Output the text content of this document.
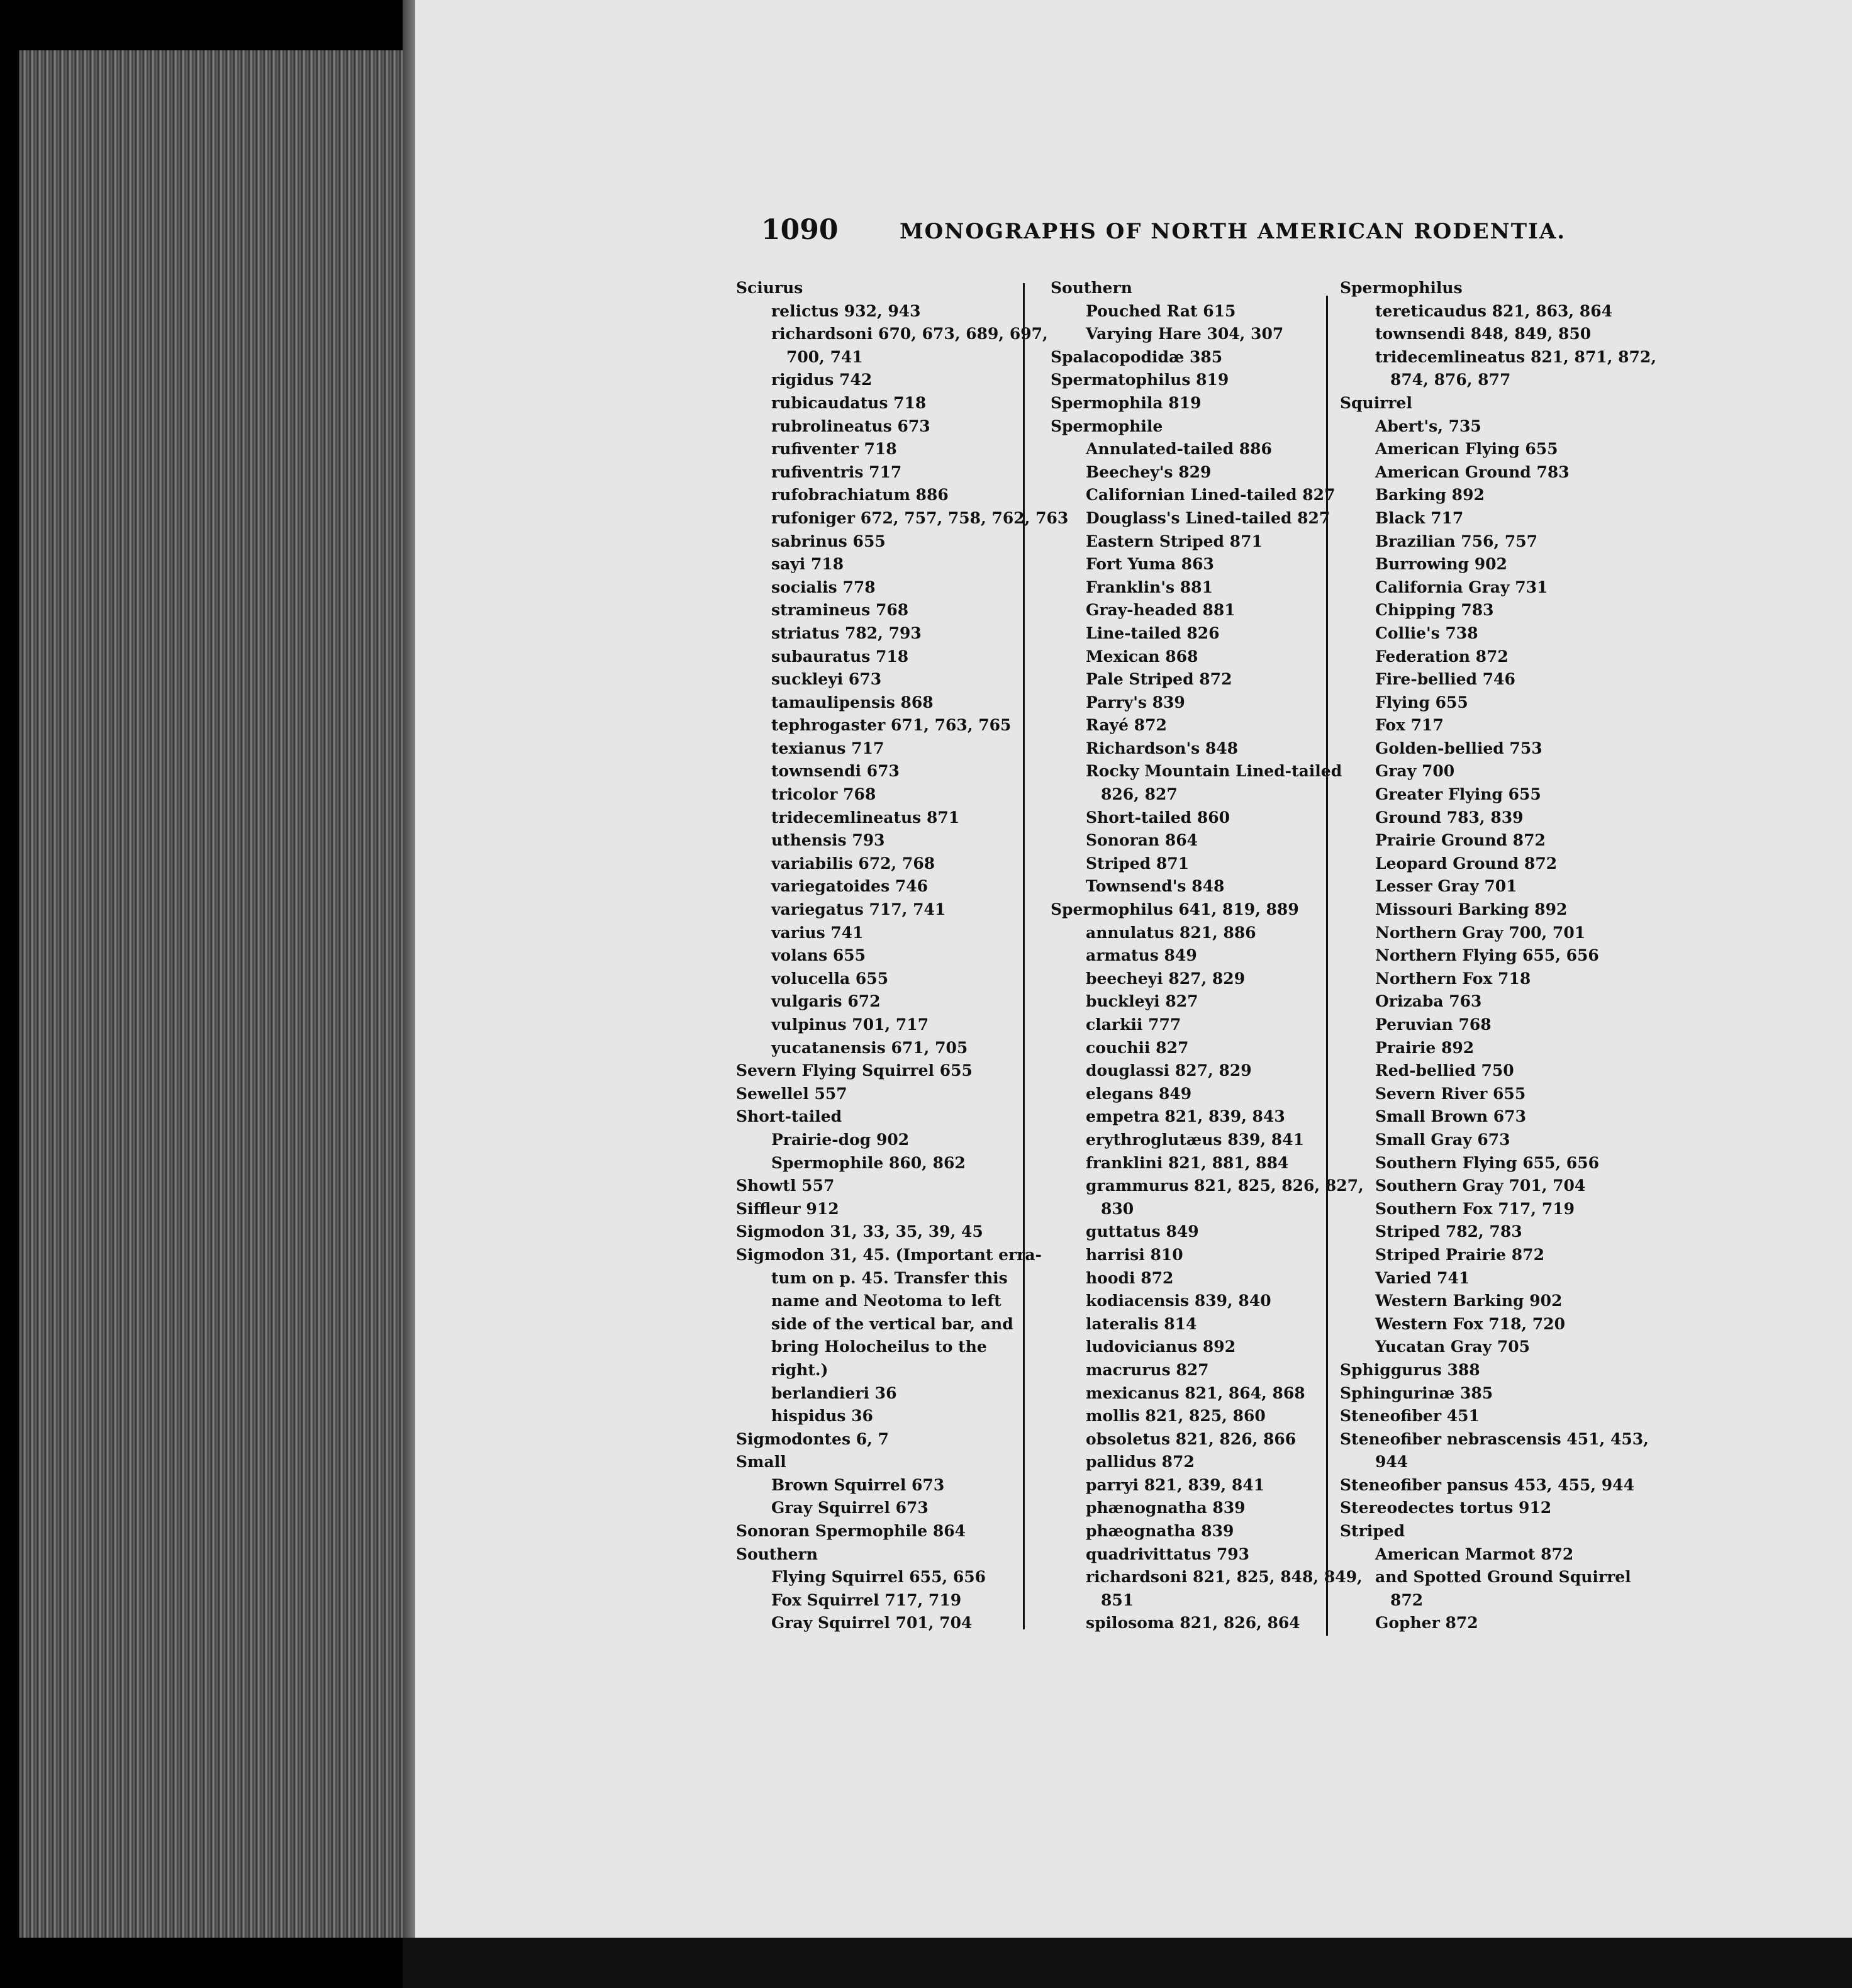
1090	MONOGRAPHS OF NORTH AMERICAN RODENTIA.
Sciurus
relictus 932, 943
richardsoni 670, 673, 689, 697,
700, 741
rigidus 742
rubicaudatus 718
rubrolineatus 673
rufiventer 718
rufiventris 717
rufobrachiatum 886
rufoniger 672, 757, 758, 762, 763
sabrinus 655
sayi 718
socialis 778
stramineus 768
striatus 782, 793
subauratus 718
suckleyi 673
tamaulipensis 868
tephrogaster 671, 763, 765
texianus 717
townsendi 673
tricolor 768
tridecemlineatus 871
uthensis 793
variabilis 672, 768
variegatoides 746
variegatus 717, 741
varius 741
volans 655
volucella 655
vulgaris 672
vulpinus 701, 717
yucatanensis 671, 705
Severn Flying Squirrel 655
Sewellel 557
Short-tailed
Prairie-dog 902
Spermophile 860, 862
Showtl 557
Siffleur 912
Sigmodon 31, 33, 35, 39, 45
Sigmodon 31, 45. (Important erra-
tum on p. 45. Transfer this
name and Neotoma to left
side of the vertical bar, and
bring Holocheilus to the
right.)
berlandieri 36
hispidus 36
Sigmodontes 6, 7
Small
Brown Squirrel 673
Gray Squirrel 673
Sonoran Spermophile 864
Southern
Flying Squirrel 655, 656
Fox Squirrel 717, 719
Gray Squirrel 701, 704
Southern
Pouched Rat 615
Varying Hare 304, 307
Spalacopodidæ 385
Spermatophilus 819
Spermophila 819
Spermophile
Annulated-tailed 886
Beechey's 829
Californian Lined-tailed 827
Douglass's Lined-tailed 827
Eastern Striped 871
Fort Yuma 863
Franklin's 881
Gray-headed 881
Line-tailed 826
Mexican 868
Pale Striped 872
Parry's 839
Rayé 872
Richardson's 848
Rocky Mountain Lined-tailed
826, 827
Short-tailed 860
Sonoran 864
Striped 871
Townsend's 848
Spermophilus 641, 819, 889
annulatus 821, 886
armatus 849
beecheyi 827, 829
buckleyi 827
clarkii 777
couchii 827
douglassi 827, 829
elegans 849
empetra 821, 839, 843
erythroglutæus 839, 841
franklini 821, 881, 884
grammurus 821, 825, 826, 827,
830
guttatus 849
harrisi 810
hoodi 872
kodiacensis 839, 840
lateralis 814
ludovicianus 892
macrurus 827
mexicanus 821, 864, 868
mollis 821, 825, 860
obsoletus 821, 826, 866
pallidus 872
parryi 821, 839, 841
phænognatha 839
phæognatha 839
quadrivittatus 793
richardsoni 821, 825, 848, 849,
851
spilosoma 821, 826, 864
Spermophilus
tereticaudus 821, 863, 864
townsendi 848, 849, 850
tridecemlineatus 821, 871, 872,
874, 876, 877
Squirrel
Abert's, 735
American Flying 655
American Ground 783
Barking 892
Black 717
Brazilian 756, 757
Burrowing 902
California Gray 731
Chipping 783
Collie's 738
Federation 872
Fire-bellied 746
Flying 655
Fox 717
Golden-bellied 753
Gray 700
Greater Flying 655
Ground 783, 839
Prairie Ground 872
Leopard Ground 872
Lesser Gray 701
Missouri Barking 892
Northern Gray 700, 701
Northern Flying 655, 656
Northern Fox 718
Orizaba 763
Peruvian 768
Prairie 892
Red-bellied 750
Severn River 655
Small Brown 673
Small Gray 673
Southern Flying 655, 656
Southern Gray 701, 704
Southern Fox 717, 719
Striped 782, 783
Striped Prairie 872
Varied 741
Western Barking 902
Western Fox 718, 720
Yucatan Gray 705
Sphiggurus 388
Sphingurinæ 385
Steneofiber 451
Steneofiber nebrascensis 451, 453,
944
Steneofiber pansus 453, 455, 944
Stereodectes tortus 912
Striped
American Marmot 872
and Spotted Ground Squirrel
872
Gopher 872
